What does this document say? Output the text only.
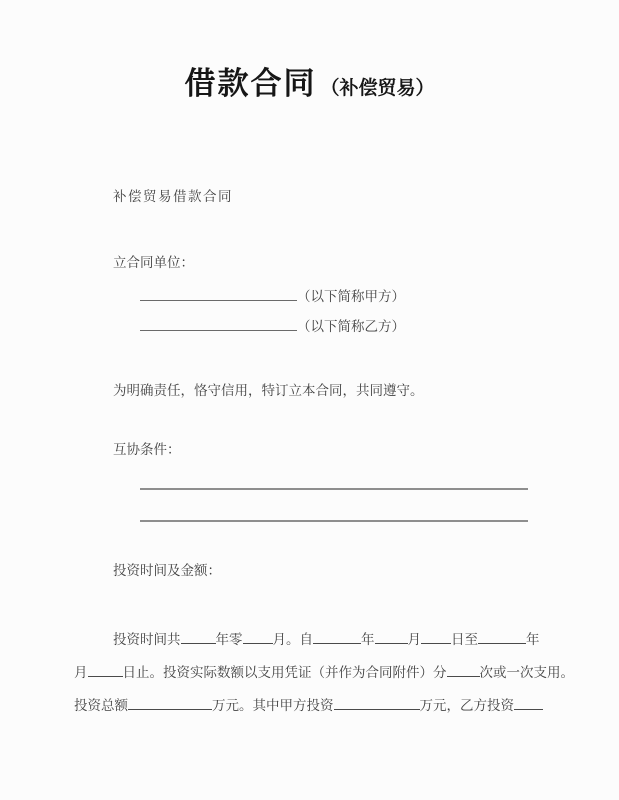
借款合同 （补偿贸易）
补偿贸易借款合同
立合同单位：
（以下简称甲方）
（以下简称乙方）
为明确责任，恪守信用，特订立本合同，共同遵守。
互协条件：
投资时间及金额：
投资时间共	年零 月。自	年 月 日至	年
月	日止。投资实际数额以支用凭证（并作为合同附件）分 次或一次支用。
投资总额	万元。其中甲方投资	万元，乙方投资
